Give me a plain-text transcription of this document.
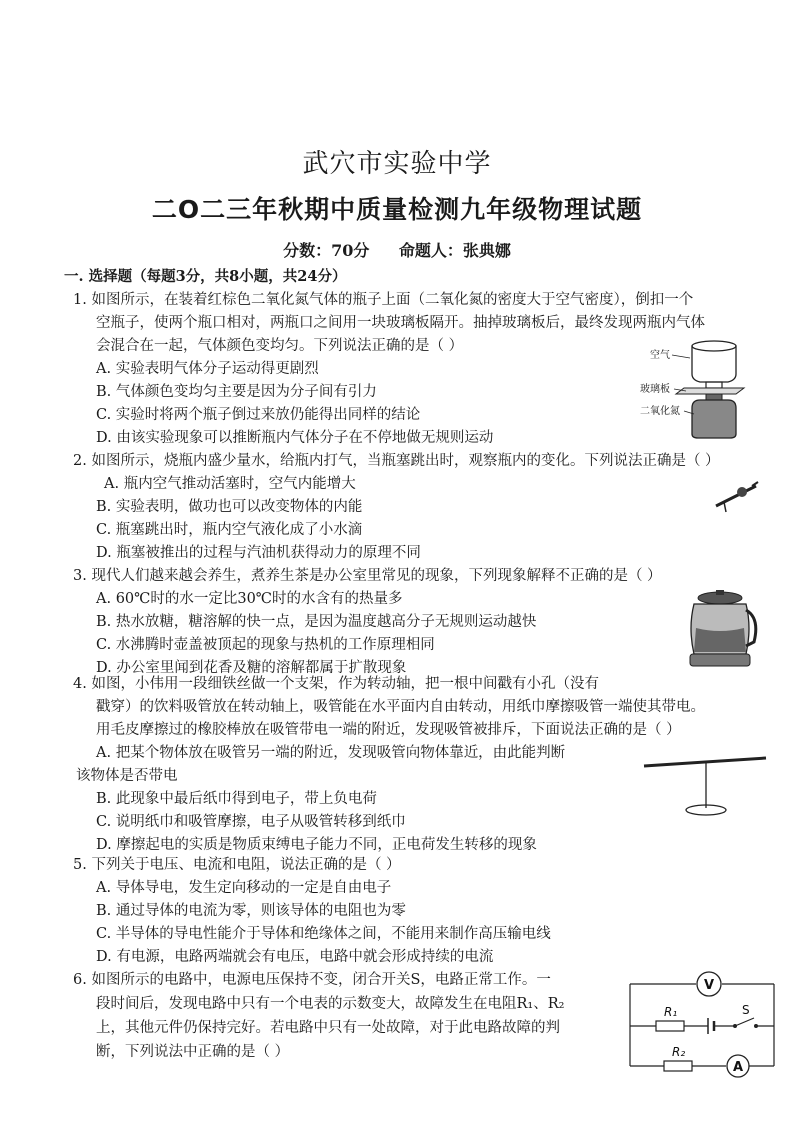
武穴市实验中学
二O二三年秋期中质量检测九年级物理试题
分数：70分 命题人：张典娜
一. 选择题（每题3分，共8小题，共24分）
1. 如图所示，在装着红棕色二氧化氮气体的瓶子上面（二氧化氮的密度大于空气密度），倒扣一个
空瓶子，使两个瓶口相对，两瓶口之间用一块玻璃板隔开。抽掉玻璃板后，最终发现两瓶内气体
会混合在一起，气体颜色变均匀。下列说法正确的是（ ）
A. 实验表明气体分子运动得更剧烈
B. 气体颜色变均匀主要是因为分子间有引力
C. 实验时将两个瓶子倒过来放仍能得出同样的结论
D. 由该实验现象可以推断瓶内气体分子在不停地做无规则运动
空气
玻璃板
二氧化氮
2. 如图所示，烧瓶内盛少量水，给瓶内打气，当瓶塞跳出时，观察瓶内的变化。下列说法正确是（ ）
A. 瓶内空气推动活塞时，空气内能增大
B. 实验表明，做功也可以改变物体的内能
C. 瓶塞跳出时，瓶内空气液化成了小水滴
D. 瓶塞被推出的过程与汽油机获得动力的原理不同
3. 现代人们越来越会养生，煮养生茶是办公室里常见的现象，下列现象解释不正确的是（ ）
A. 60℃时的水一定比30℃时的水含有的热量多
B. 热水放糖，糖溶解的快一点，是因为温度越高分子无规则运动越快
C. 水沸腾时壶盖被顶起的现象与热机的工作原理相同
D. 办公室里闻到花香及糖的溶解都属于扩散现象
4. 如图，小伟用一段细铁丝做一个支架，作为转动轴，把一根中间戳有小孔（没有
戳穿）的饮料吸管放在转动轴上，吸管能在水平面内自由转动，用纸巾摩擦吸管一端使其带电。
用毛皮摩擦过的橡胶棒放在吸管带电一端的附近，发现吸管被排斥，下面说法正确的是（ ）
A. 把某个物体放在吸管另一端的附近，发现吸管向物体靠近，由此能判断
该物体是否带电
B. 此现象中最后纸巾得到电子，带上负电荷
C. 说明纸巾和吸管摩擦，电子从吸管转移到纸巾
D. 摩擦起电的实质是物质束缚电子能力不同，正电荷发生转移的现象
5. 下列关于电压、电流和电阻，说法正确的是（ ）
A. 导体导电，发生定向移动的一定是自由电子
B. 通过导体的电流为零，则该导体的电阻也为零
C. 半导体的导电性能介于导体和绝缘体之间，不能用来制作高压输电线
D. 有电源，电路两端就会有电压，电路中就会形成持续的电流
6. 如图所示的电路中，电源电压保持不变，闭合开关S，电路正常工作。一
段时间后，发现电路中只有一个电表的示数变大，故障发生在电阻R₁、R₂
上，其他元件仍保持完好。若电路中只有一处故障，对于此电路故障的判
断，下列说法中正确的是（ ）
V
R₁	S
R₂
A
